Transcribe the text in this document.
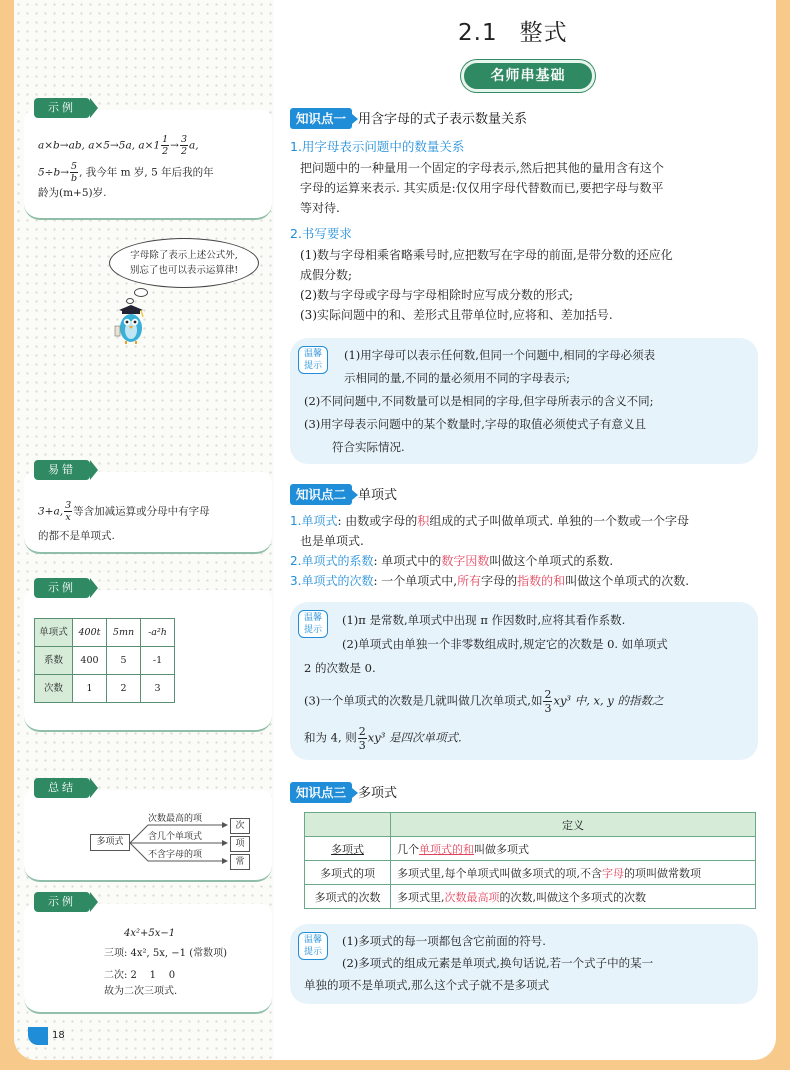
示例
a×b→ab, a×5→5a, $a\times 1 \frac{1}{2} \to \frac{3}{2} a$,
$5\div b\to \frac{5}{b}$ , 我今年 m 岁, 5 年后我的年
龄为(m+5)岁.
字母除了表示上述公式外,
别忘了也可以表示运算律!
易错
3+a, $\frac{3}{x}$ 等含加减运算或分母中有字母
的都不是单项式.
示例
单项式	400t	5mn	-a²h
系数	400	5	-1
次数	1	2	3
总结
多项式
次数最高的项
含几个单项式
不含字母的项
次
项
常
示例
4x²+5x−1
三项: 4x², 5x, −1 (常数项)
二次: 2    1    0
故为二次三项式.
18
2.1 整式
名师串基础
知识点一 用含字母的式子表示数量关系
1.用字母表示问题中的数量关系
把问题中的一种量用一个固定的字母表示,然后把其他的量用含有这个
字母的运算来表示. 其实质是:仅仅用字母代替数而已,要把字母与数平
等对待.
2.书写要求
(1)数与字母相乘省略乘号时,应把数写在字母的前面,是带分数的还应化
成假分数;
(2)数与字母或字母与字母相除时应写成分数的形式;
(3)实际问题中的和、差形式且带单位时,应将和、差加括号.
温馨
提示
(1)用字母可以表示任何数,但同一个问题中,相同的字母必须表
示相同的量,不同的量必须用不同的字母表示;
(2)不同问题中,不同数量可以是相同的字母,但字母所表示的含义不同;
(3)用字母表示问题中的某个数量时,字母的取值必须使式子有意义且
符合实际情况.
知识点二 单项式
1.单项式: 由数或字母的积组成的式子叫做单项式. 单独的一个数或一个字母
也是单项式.
2.单项式的系数: 单项式中的数字因数叫做这个单项式的系数.
3.单项式的次数: 一个单项式中,所有字母的指数的和叫做这个单项式的次数.
温馨
提示
(1)π 是常数,单项式中出现 π 作因数时,应将其看作系数.
(2)单项式由单独一个非零数组成时,规定它的次数是 0. 如单项式
2 的次数是 0.
(3)一个单项式的次数是几就叫做几次单项式,如 $\frac{2}{3} xy^3$ 中, x, y 的指数之
和为 4, 则 $\frac{2}{3} xy^3$ 是四次单项式.
知识点三 多项式
	定义
多项式	几个单项式的和叫做多项式
多项式的项	多项式里,每个单项式叫做多项式的项,不含字母的项叫做常数项
多项式的次数	多项式里,次数最高项的次数,叫做这个多项式的次数
温馨
提示
(1)多项式的每一项都包含它前面的符号.
(2)多项式的组成元素是单项式,换句话说,若一个式子中的某一
单独的项不是单项式,那么这个式子就不是多项式
